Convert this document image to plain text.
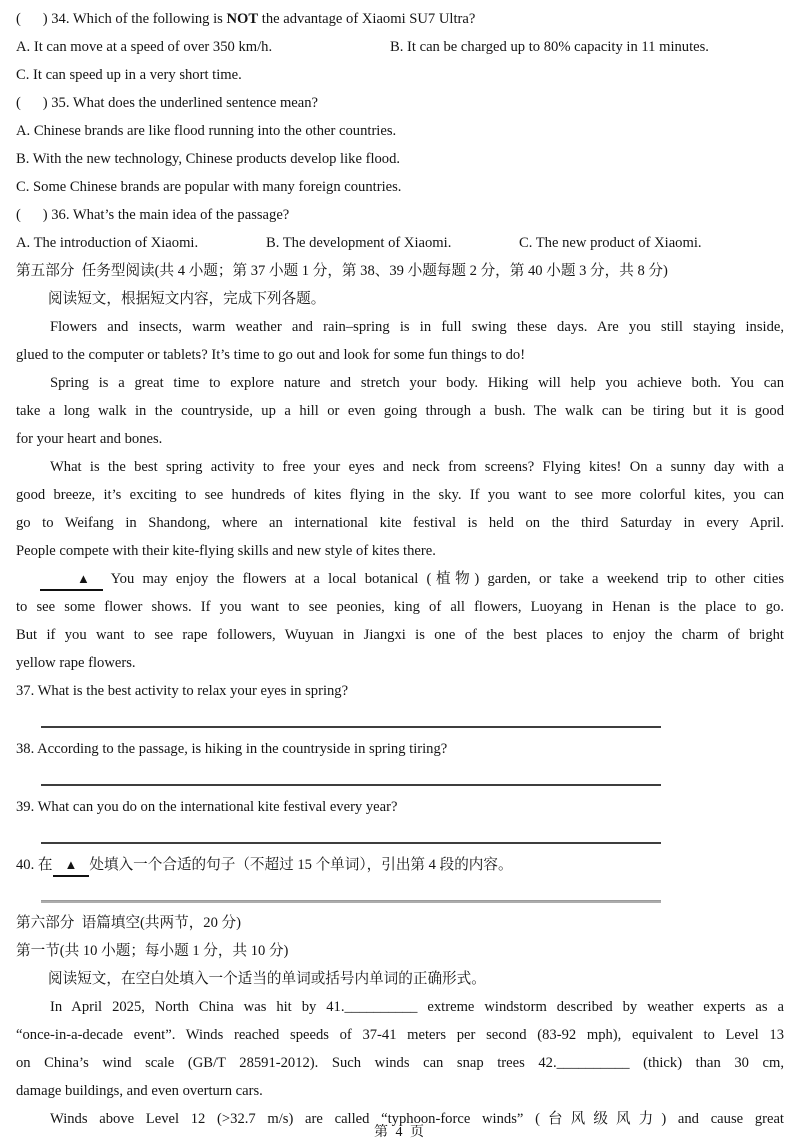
(      ) 34. Which of the following is NOT the advantage of Xiaomi SU7 Ultra?
A. It can move at a speed of over 350 km/h.	B. It can be charged up to 80% capacity in 11 minutes.
C. It can speed up in a very short time.
(      ) 35. What does the underlined sentence mean?
A. Chinese brands are like flood running into the other countries.
B. With the new technology, Chinese products develop like flood.
C. Some Chinese brands are popular with many foreign countries.
(      ) 36. What’s the main idea of the passage?
A. The introduction of Xiaomi.	B. The development of Xiaomi.	C. The new product of Xiaomi.
第五部分  任务型阅读(共 4 小题；第 37 小题 1 分，第 38、39 小题每题 2 分，第 40 小题 3 分，共 8 分)
阅读短文，根据短文内容，完成下列各题。
Flowers and insects, warm weather and rain–spring is in full swing these days. Are you still staying inside,
glued to the computer or tablets? It’s time to go out and look for some fun things to do!
Spring is a great time to explore nature and stretch your body. Hiking will help you achieve both. You can
take a long walk in the countryside, up a hill or even going through a bush. The walk can be tiring but it is good
for your heart and bones.
What is the best spring activity to free your eyes and neck from screens? Flying kites! On a sunny day with a
good breeze, it’s exciting to see hundreds of kites flying in the sky. If you want to see more colorful kites, you can
go to Weifang in Shandong, where an international kite festival is held on the third Saturday in every April.
People compete with their kite-flying skills and new style of kites there.
▲ You may enjoy the flowers at a local botanical (植物) garden, or take a weekend trip to other cities
to see some flower shows. If you want to see peonies, king of all flowers, Luoyang in Henan is the place to go.
But if you want to see rape followers, Wuyuan in Jiangxi is one of the best places to enjoy the charm of bright
yellow rape flowers.
37. What is the best activity to relax your eyes in spring?
38. According to the passage, is hiking in the countryside in spring tiring?
39. What can you do on the international kite festival every year?
40. 在 ▲ 处填入一个合适的句子（不超过 15 个单词），引出第 4 段的内容。
第六部分  语篇填空(共两节，20 分)
第一节(共 10 小题；每小题 1 分，共 10 分)
阅读短文，在空白处填入一个适当的单词或括号内单词的正确形式。
In April 2025, North China was hit by 41.__________ extreme windstorm described by weather experts as a
“once-in-a-decade event”. Winds reached speeds of 37-41 meters per second (83-92 mph), equivalent to Level 13
on China’s wind scale (GB/T 28591-2012). Such winds can snap trees 42.__________ (thick) than 30 cm,
damage buildings, and even overturn cars.
Winds above Level 12 (>32.7 m/s) are called “typhoon-force winds” (台风级风力) and cause great
第 4 页
